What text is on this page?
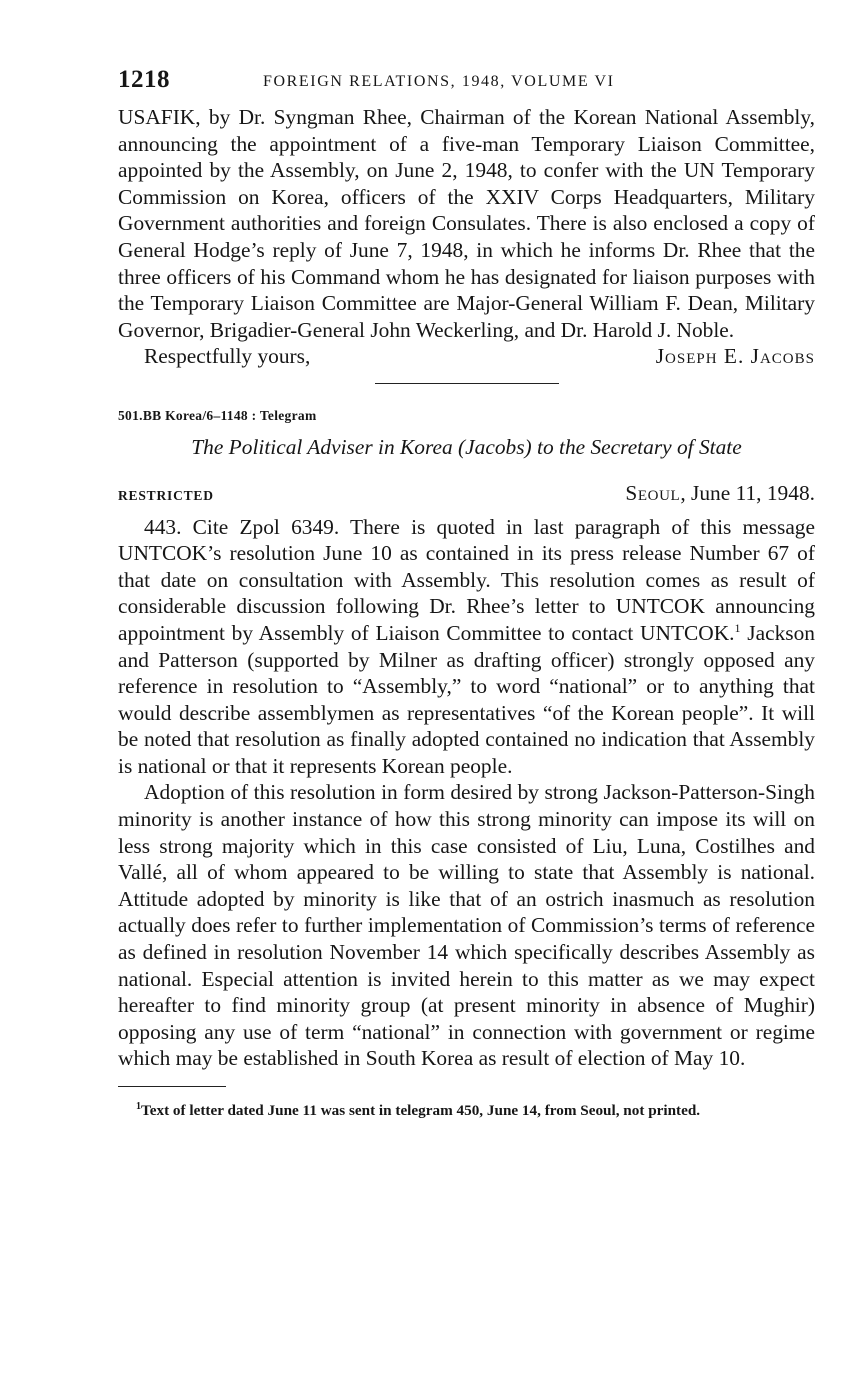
1218	FOREIGN RELATIONS, 1948, VOLUME VI

USAFIK, by Dr. Syngman Rhee, Chairman of the Korean National Assembly, announcing the appointment of a five-man Temporary Liaison Committee, appointed by the Assembly, on June 2, 1948, to confer with the UN Temporary Commission on Korea, officers of the XXIV Corps Headquarters, Military Government authorities and foreign Consulates. There is also enclosed a copy of General Hodge’s reply of June 7, 1948, in which he informs Dr. Rhee that the three officers of his Command whom he has designated for liaison purposes with the Temporary Liaison Committee are Major-General William F. Dean, Military Governor, Brigadier-General John Weckerling, and Dr. Harold J. Noble.

Respectfully yours,	Joseph E. Jacobs
501.BB Korea/6–1148 : Telegram
The Political Adviser in Korea (Jacobs) to the Secretary of State
RESTRICTED	Seoul, June 11, 1948.

443. Cite Zpol 6349. There is quoted in last paragraph of this message UNTCOK’s resolution June 10 as contained in its press release Number 67 of that date on consultation with Assembly. This resolution comes as result of considerable discussion following Dr. Rhee’s letter to UNTCOK announcing appointment by Assembly of Liaison Committee to contact UNTCOK.$^1$ Jackson and Patterson (supported by Milner as drafting officer) strongly opposed any reference in resolution to “Assembly,” to word “national” or to anything that would describe assemblymen as representatives “of the Korean people”. It will be noted that resolution as finally adopted contained no indication that Assembly is national or that it represents Korean people.

Adoption of this resolution in form desired by strong Jackson-Patterson-Singh minority is another instance of how this strong minority can impose its will on less strong majority which in this case consisted of Liu, Luna, Costilhes and Vallé, all of whom appeared to be willing to state that Assembly is national. Attitude adopted by minority is like that of an ostrich inasmuch as resolution actually does refer to further implementation of Commission’s terms of reference as defined in resolution November 14 which specifically describes Assembly as national. Especial attention is invited herein to this matter as we may expect hereafter to find minority group (at present minority in absence of Mughir) opposing any use of term “national” in connection with government or regime which may be established in South Korea as result of election of May 10.

$^1$Text of letter dated June 11 was sent in telegram 450, June 14, from Seoul, not printed.
